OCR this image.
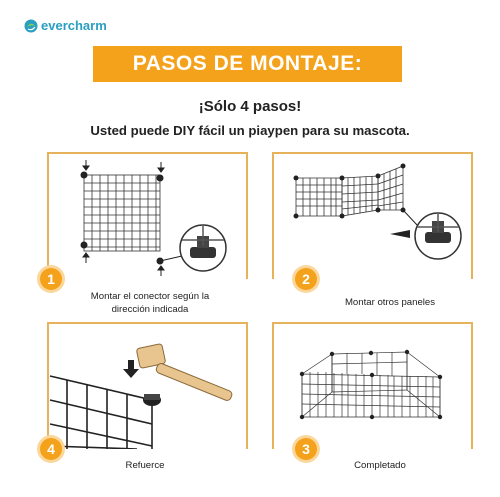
evercharm
PASOS DE MONTAJE:
¡Sólo 4 pasos!
Usted puede DIY fácil un piaypen para su mascota.
1
Montar el conector según la
dirección indicada
2
Montar otros paneles
4
Refuerce
3
Completado
